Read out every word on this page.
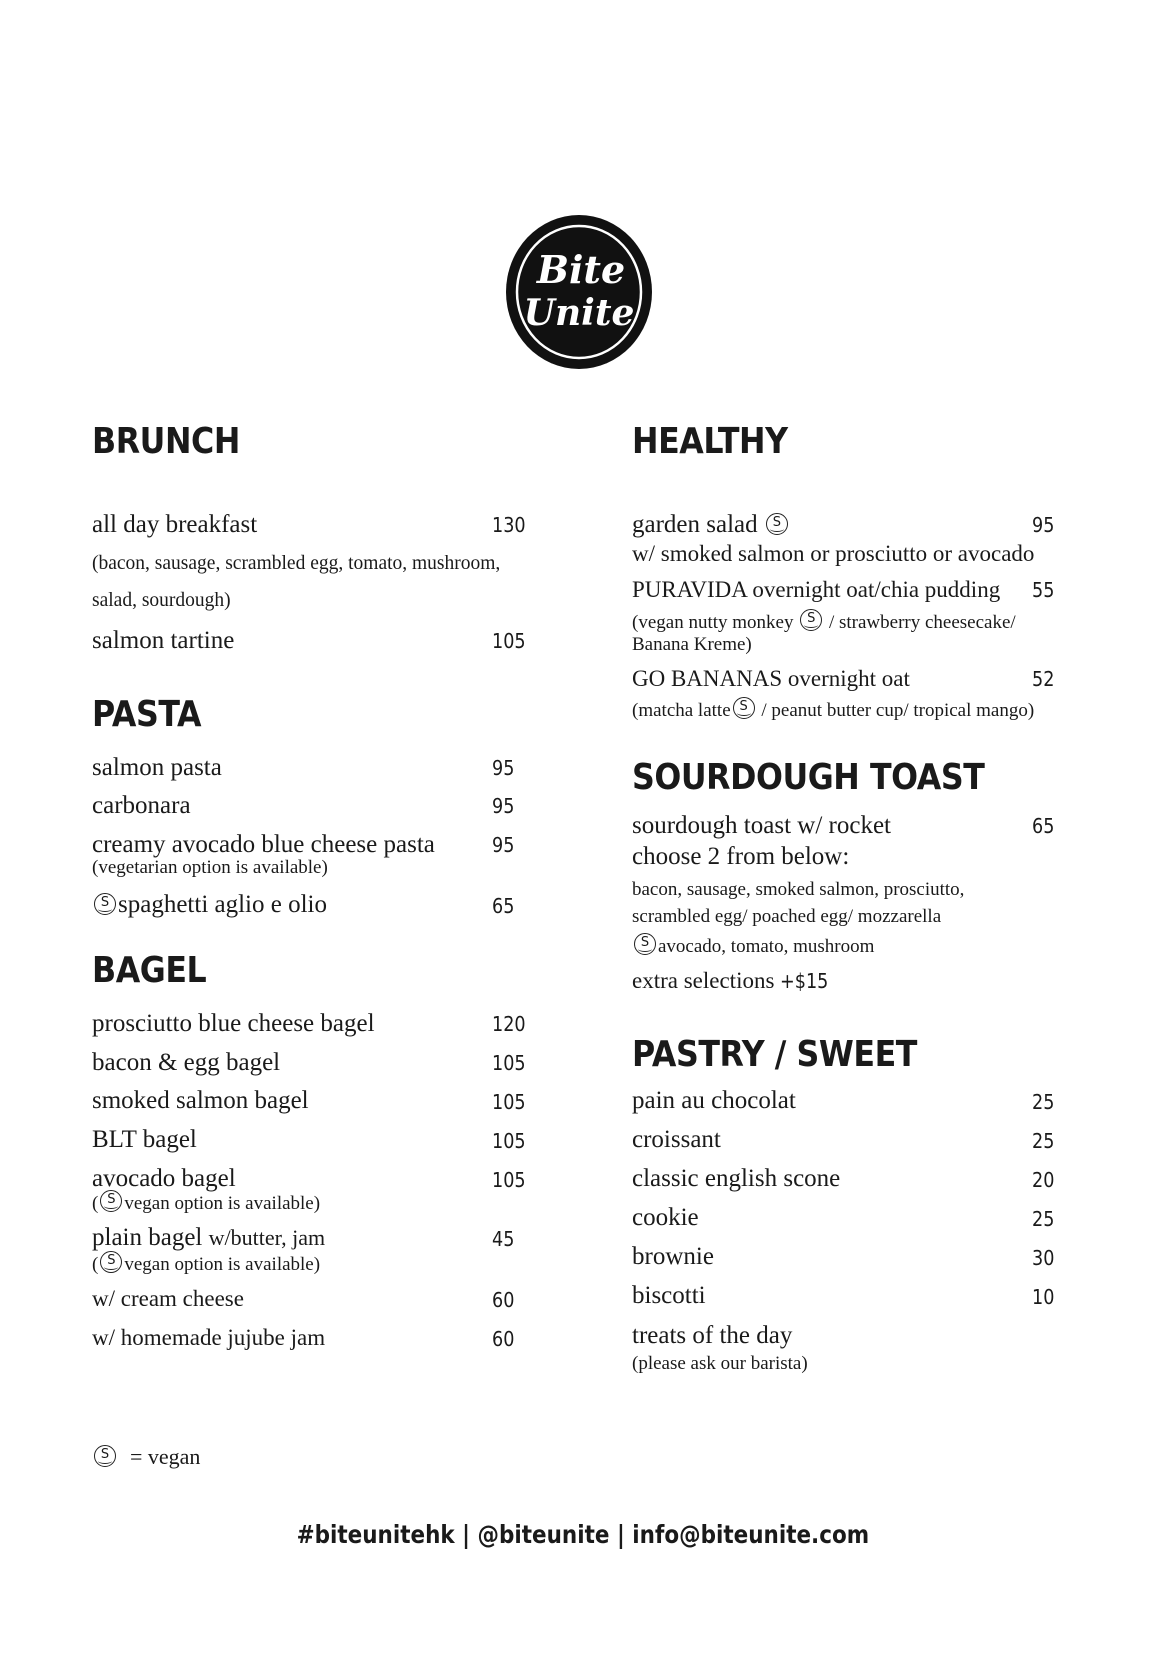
Bite
Unite
BRUNCH
all day breakfast	130
(bacon, sausage, scrambled egg, tomato, mushroom,
salad, sourdough)
salmon tartine	105
PASTA
salmon pasta	95
carbonara	95
creamy avocado blue cheese pasta	95
(vegetarian option is available)
Sspaghetti aglio e olio	65
BAGEL
prosciutto blue cheese bagel	120
bacon & egg bagel	105
smoked salmon bagel	105
BLT bagel	105
avocado bagel	105
( S vegan option is available)
plain bagel w/butter, jam	45
( S vegan option is available)
w/ cream cheese	60
w/ homemade jujube jam	60
HEALTHY
garden salad S	95
w/ smoked salmon or prosciutto or avocado
PURAVIDA overnight oat/chia pudding 55
(vegan nutty monkey S / strawberry cheesecake/
Banana Kreme)
GO BANANAS overnight oat	52
(matcha latte S / peanut butter cup/ tropical mango)
SOURDOUGH TOAST
sourdough toast w/ rocket	65
choose 2 from below:
bacon, sausage, smoked salmon, prosciutto,
scrambled egg/ poached egg/ mozzarella
Savocado, tomato, mushroom
extra selections +$15
PASTRY / SWEET
pain au chocolat	25
croissant	25
classic english scone	20
cookie	25
brownie	30
biscotti	10
treats of the day
(please ask our barista)
S = vegan
#biteunitehk | @biteunite | info@biteunite.com
